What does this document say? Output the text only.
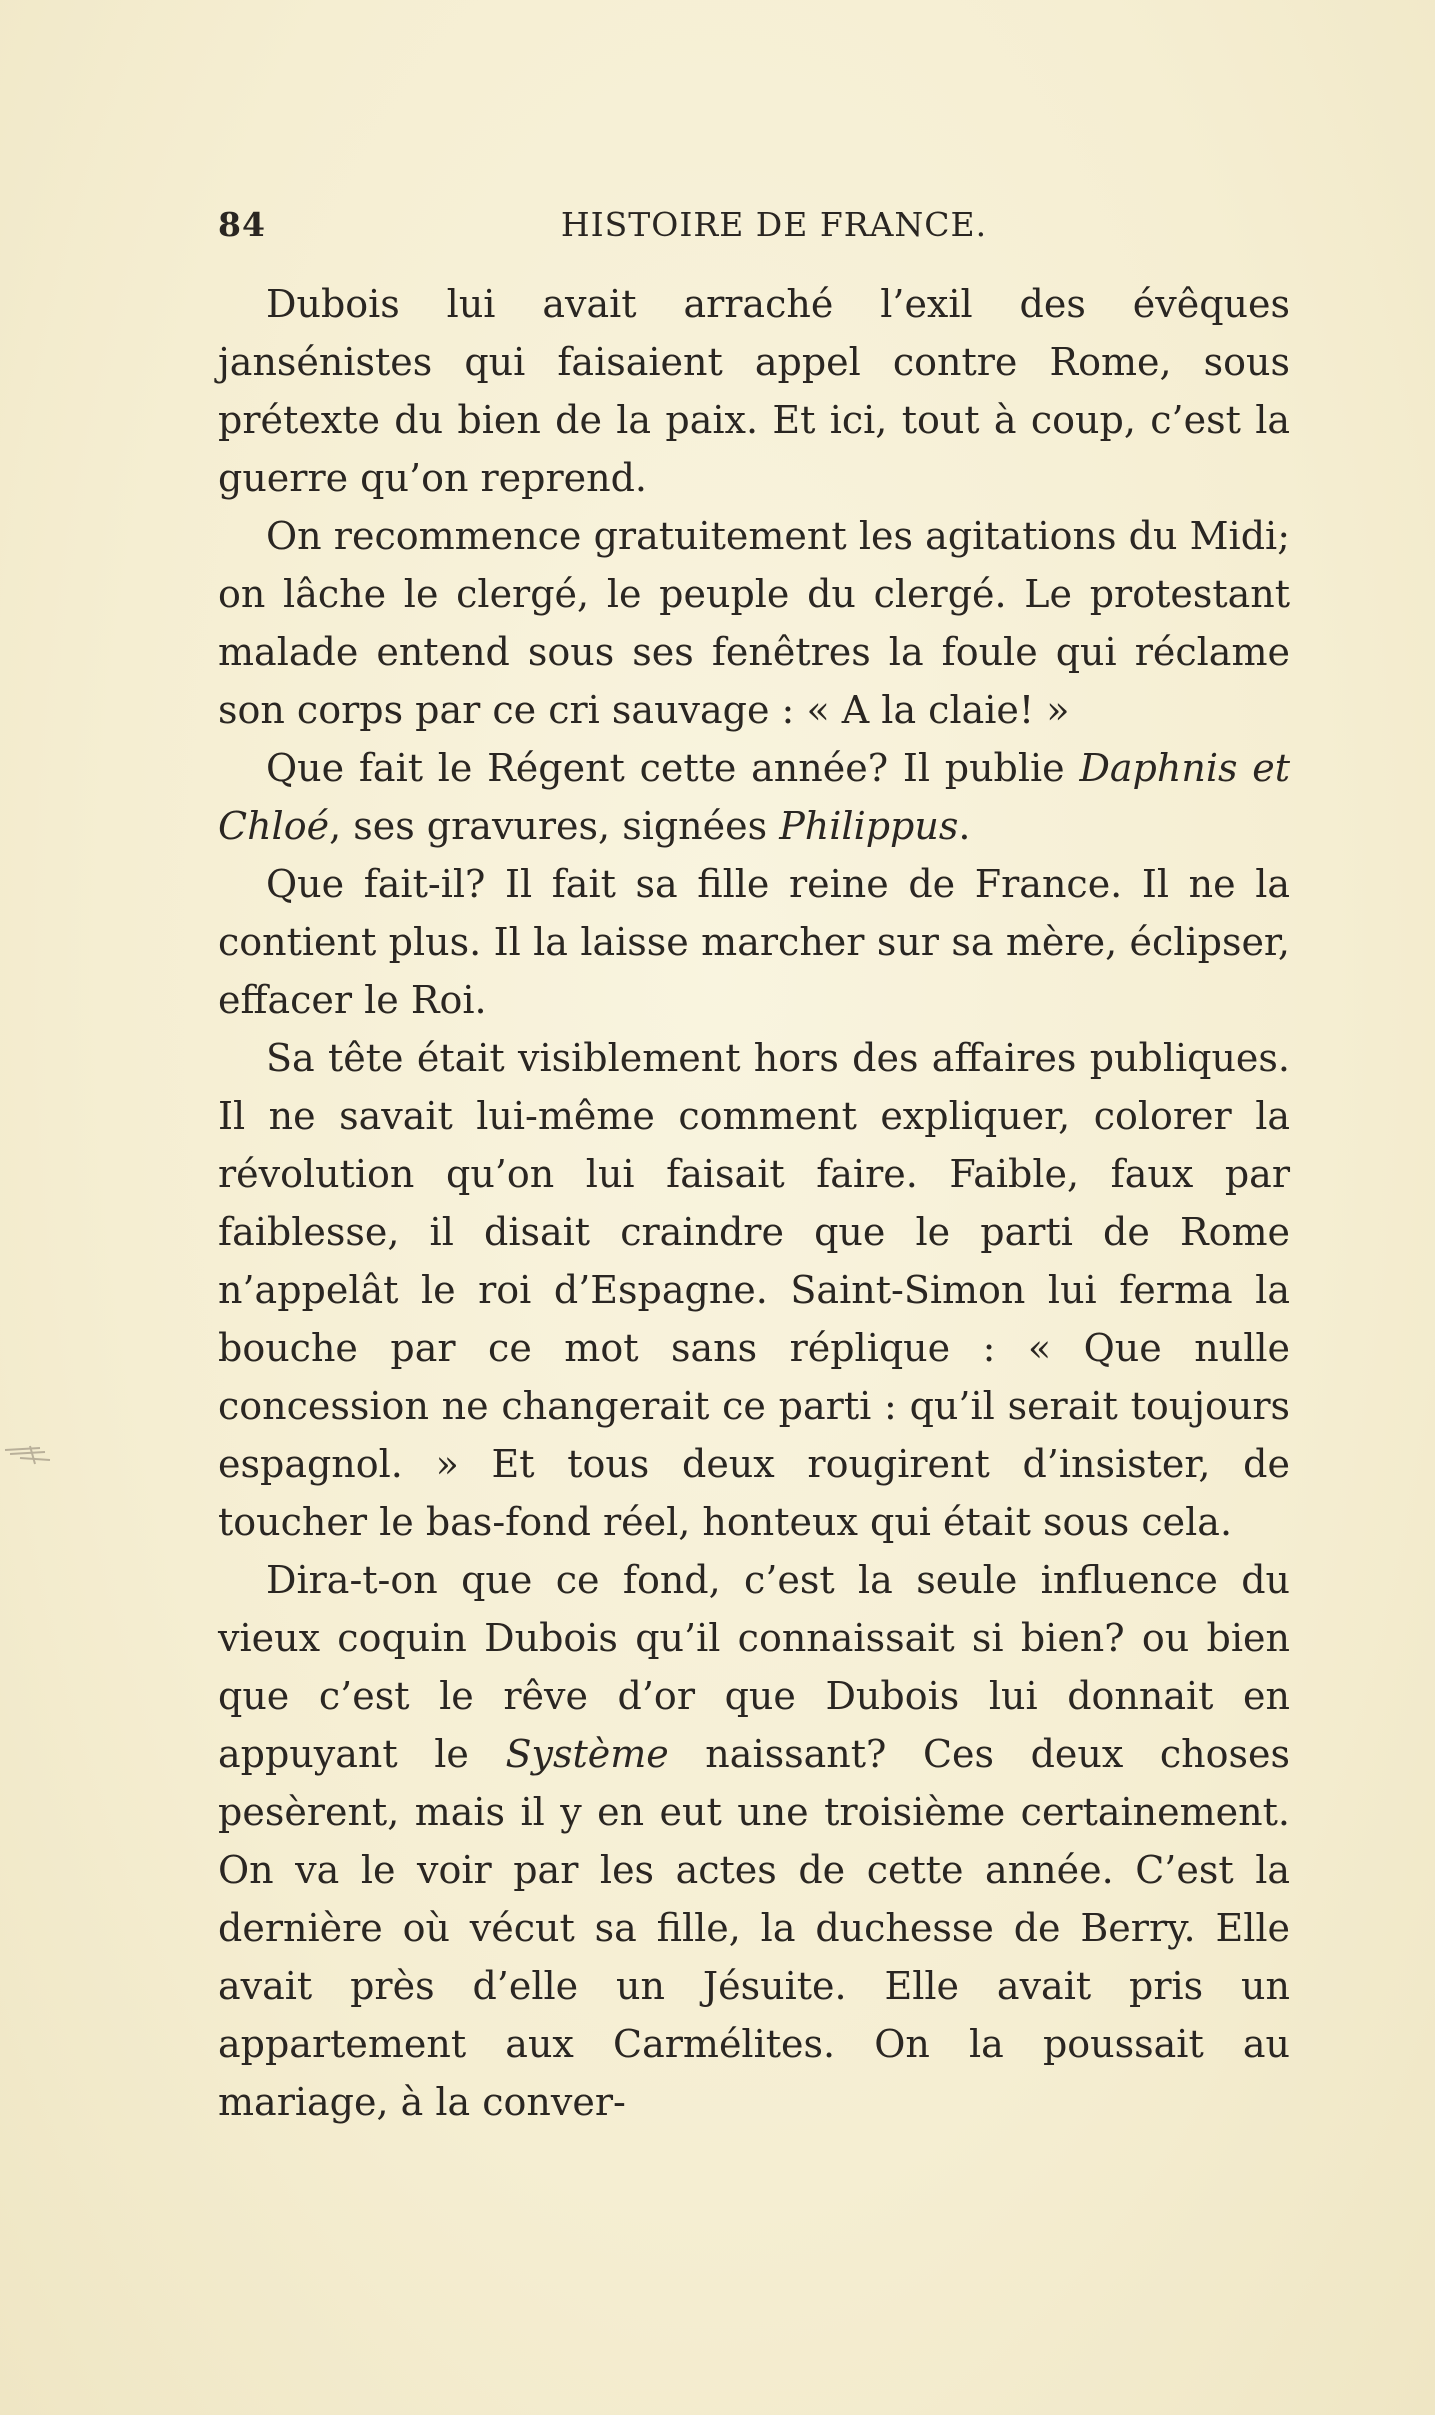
84	HISTOIRE DE FRANCE.

Dubois lui avait arraché l’exil des évêques jansénistes qui faisaient appel contre Rome, sous prétexte du bien de la paix. Et ici, tout à coup, c’est la guerre qu’on reprend.

On recommence gratuitement les agitations du Midi; on lâche le clergé, le peuple du clergé. Le protestant malade entend sous ses fenêtres la foule qui réclame son corps par ce cri sauvage : « A la claie! »

Que fait le Régent cette année? Il publie Daphnis et Chloé, ses gravures, signées Philippus.

Que fait-il? Il fait sa fille reine de France. Il ne la contient plus. Il la laisse marcher sur sa mère, éclipser, effacer le Roi.

Sa tête était visiblement hors des affaires publiques. Il ne savait lui-même comment expliquer, colorer la révolution qu’on lui faisait faire. Faible, faux par faiblesse, il disait craindre que le parti de Rome n’appelât le roi d’Espagne. Saint-Simon lui ferma la bouche par ce mot sans réplique : « Que nulle concession ne changerait ce parti : qu’il serait toujours espagnol. » Et tous deux rougirent d’insister, de toucher le bas-fond réel, honteux qui était sous cela.

Dira-t-on que ce fond, c’est la seule influence du vieux coquin Dubois qu’il connaissait si bien? ou bien que c’est le rêve d’or que Dubois lui donnait en appuyant le Système naissant? Ces deux choses pesèrent, mais il y en eut une troisième certainement. On va le voir par les actes de cette année. C’est la dernière où vécut sa fille, la duchesse de Berry. Elle avait près d’elle un Jésuite. Elle avait pris un appartement aux Carmélites. On la poussait au mariage, à la conver-
